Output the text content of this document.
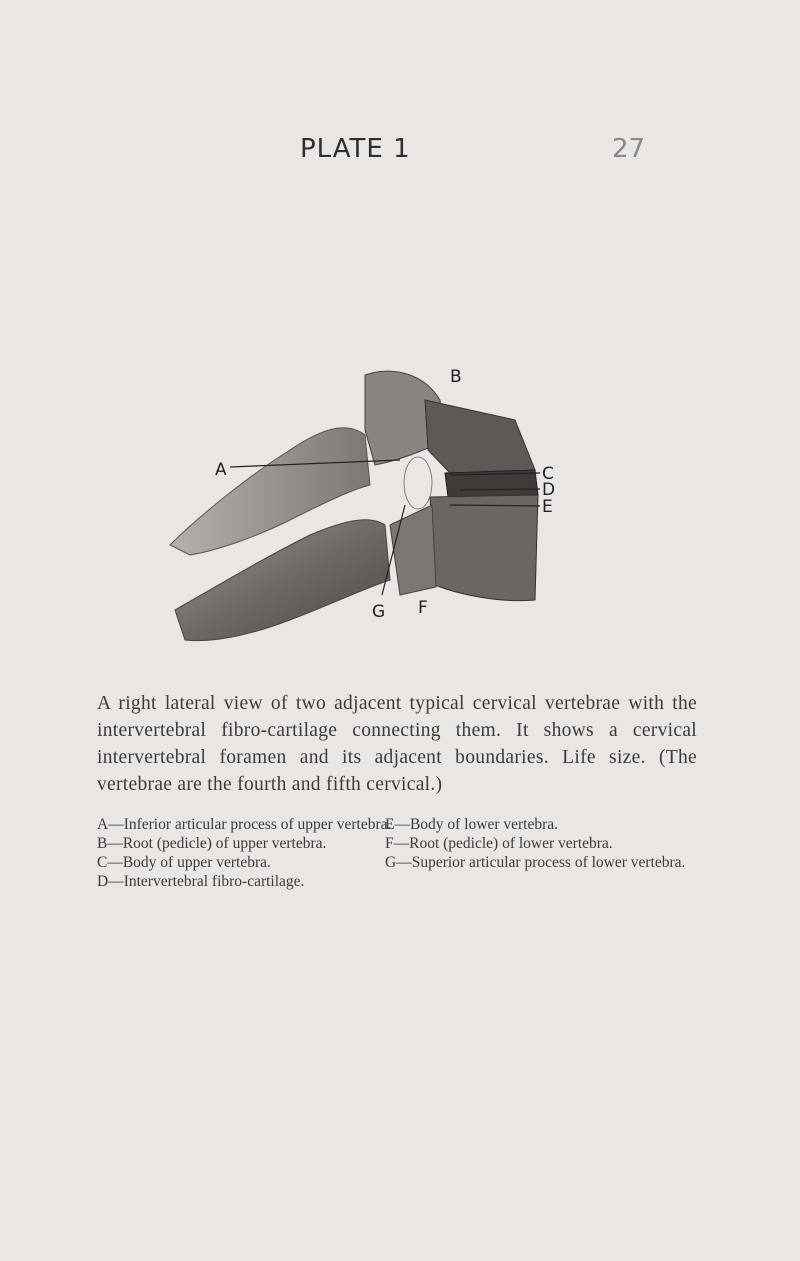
PLATE 1	27
B
A	C
D
E
G F
A right lateral view of two adjacent typical cervical vertebrae with the intervertebral fibro-cartilage connecting them. It shows a cervical intervertebral foramen and its adjacent boundaries. Life size. (The vertebrae are the fourth and fifth cervical.)

A—Inferior articular process of upper vertebra.

B—Root (pedicle) of upper vertebra.

C—Body of upper vertebra.

D—Intervertebral fibro-cartilage.

E—Body of lower vertebra.

F—Root (pedicle) of lower vertebra.

G—Superior articular process of lower vertebra.
